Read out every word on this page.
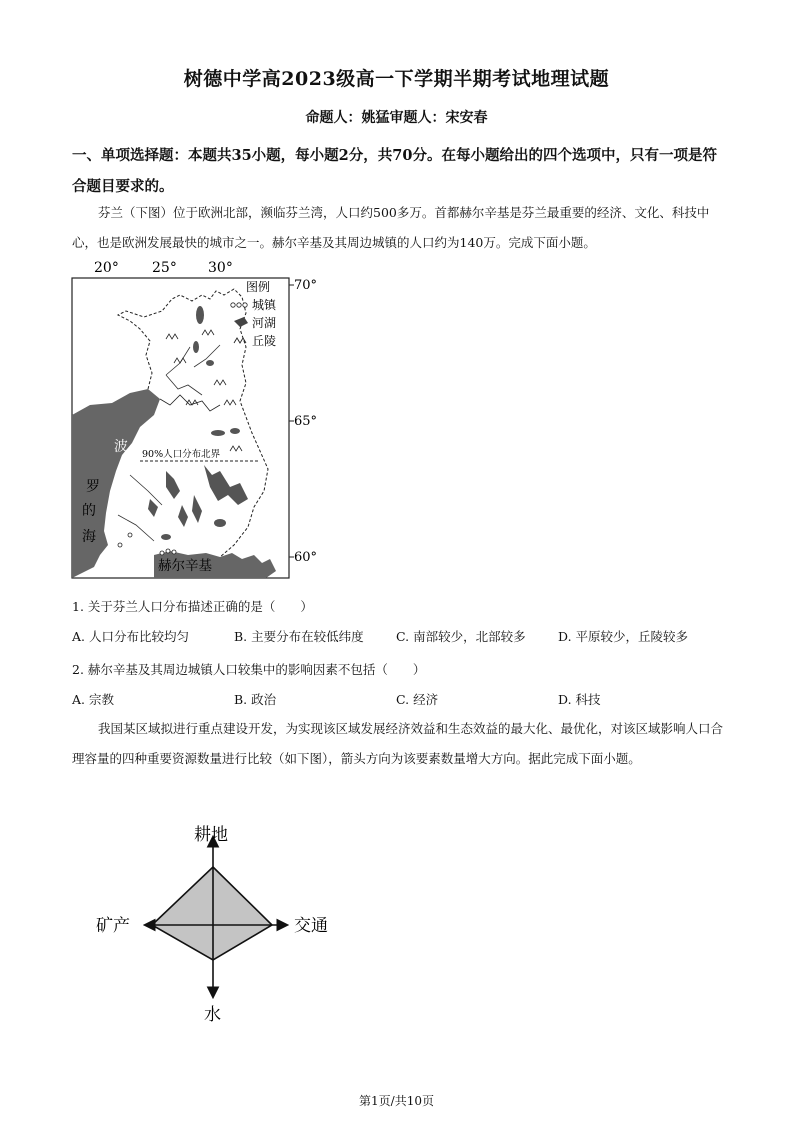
树德中学高2023级高一下学期半期考试地理试题
命题人：姚猛审题人：宋安春
一、单项选择题：本题共35小题，每小题2分，共70分。在每小题给出的四个选项中，只有一项是符合题目要求的。
芬兰（下图）位于欧洲北部，濒临芬兰湾，人口约500多万。首都赫尔辛基是芬兰最重要的经济、文化、科技中心，也是欧洲发展最快的城市之一。赫尔辛基及其周边城镇的人口约为140万。完成下面小题。
20° 25° 30°
70°
65°
60°
90%人口分布北界
波
罗
的
海
赫尔辛基
图例
城镇
河湖
丘陵
1. 关于芬兰人口分布描述正确的是（　　）
A. 人口分布比较均匀	B. 主要分布在较低纬度	C. 南部较少，北部较多	D. 平原较少，丘陵较多
2. 赫尔辛基及其周边城镇人口较集中的影响因素不包括（　　）
A. 宗教	B. 政治	C. 经济	D. 科技
我国某区域拟进行重点建设开发，为实现该区域发展经济效益和生态效益的最大化、最优化，对该区域影响人口合理容量的四种重要资源数量进行比较（如下图），箭头方向为该要素数量增大方向。据此完成下面小题。
耕地
矿产	交通
水
第1页/共10页
